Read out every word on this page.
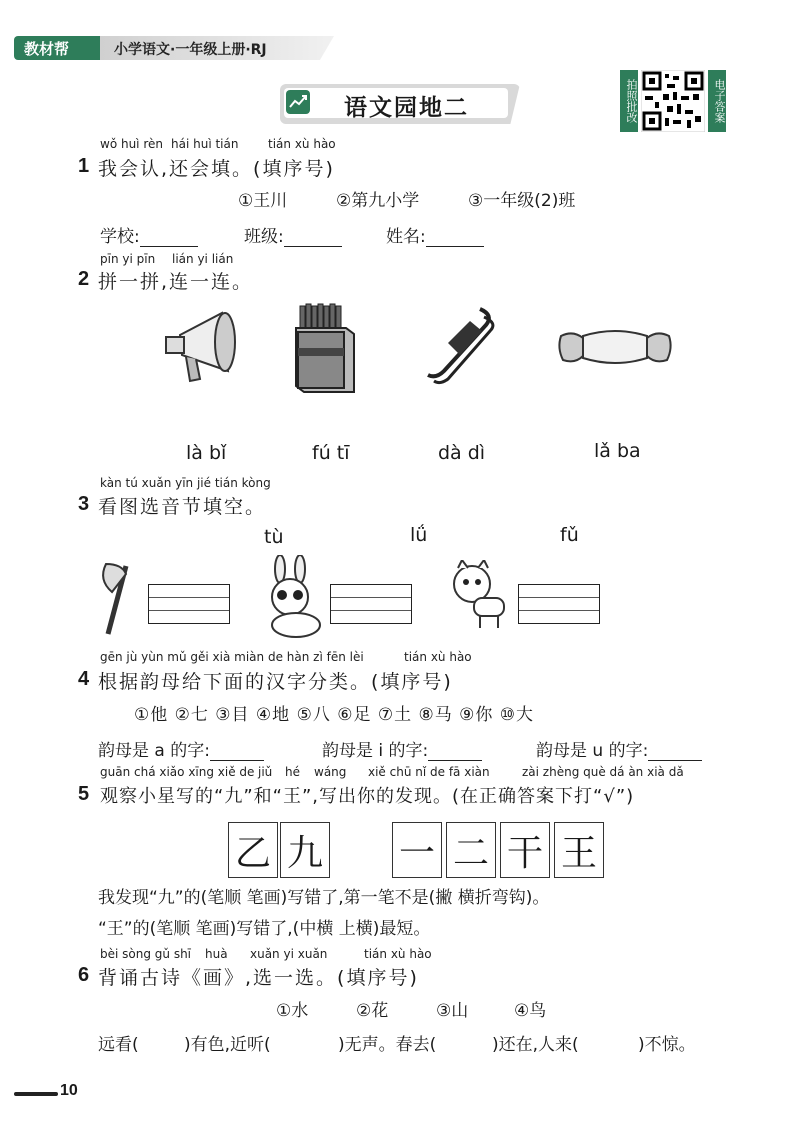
教材帮	小学语文·一年级上册·RJ
拍照批改	电子答案
语文园地二
wǒ huì rèn hái huì tián tián xù hào
1 我会认,还会填。(填序号)
①王川	②第九小学	③一年级(2)班
学校:	班级:	姓名:
pīn yi pīn lián yi lián
2 拼一拼,连一连。
là bǐ	fú tī	dà dì	lǎ ba
kàn tú xuǎn yīn jié tián kòng
3 看图选音节填空。
tù	lǘ	fǔ
gēn jù yùn mǔ gěi xià miàn de hàn zì fēn lèi	tián xù hào
4 根据韵母给下面的汉字分类。(填序号)
①他 ②七 ③目 ④地 ⑤八 ⑥足 ⑦土 ⑧马 ⑨你 ⑩大
韵母是 a 的字:	韵母是 i 的字:	韵母是 u 的字:
guān chá xiǎo xīng xiě de jiǔ hé wáng xiě chū nǐ de fā xiàn	zài zhèng què dá àn xià dǎ
5 观察小星写的“九”和“王”,写出你的发现。(在正确答案下打“√”)
乙 九 一 二 干 王
我发现“九”的(笔顺 笔画)写错了,第一笔不是(撇 横折弯钩)。
“王”的(笔顺 笔画)写错了,(中横 上横)最短。
bèi sòng gǔ shī huà xuǎn yi xuǎn	tián xù hào
6 背诵古诗《画》,选一选。(填序号)
①水	②花	③山	④鸟
远看(	)有色,近听(	)无声。春去(	)还在,人来(	)不惊。
10
